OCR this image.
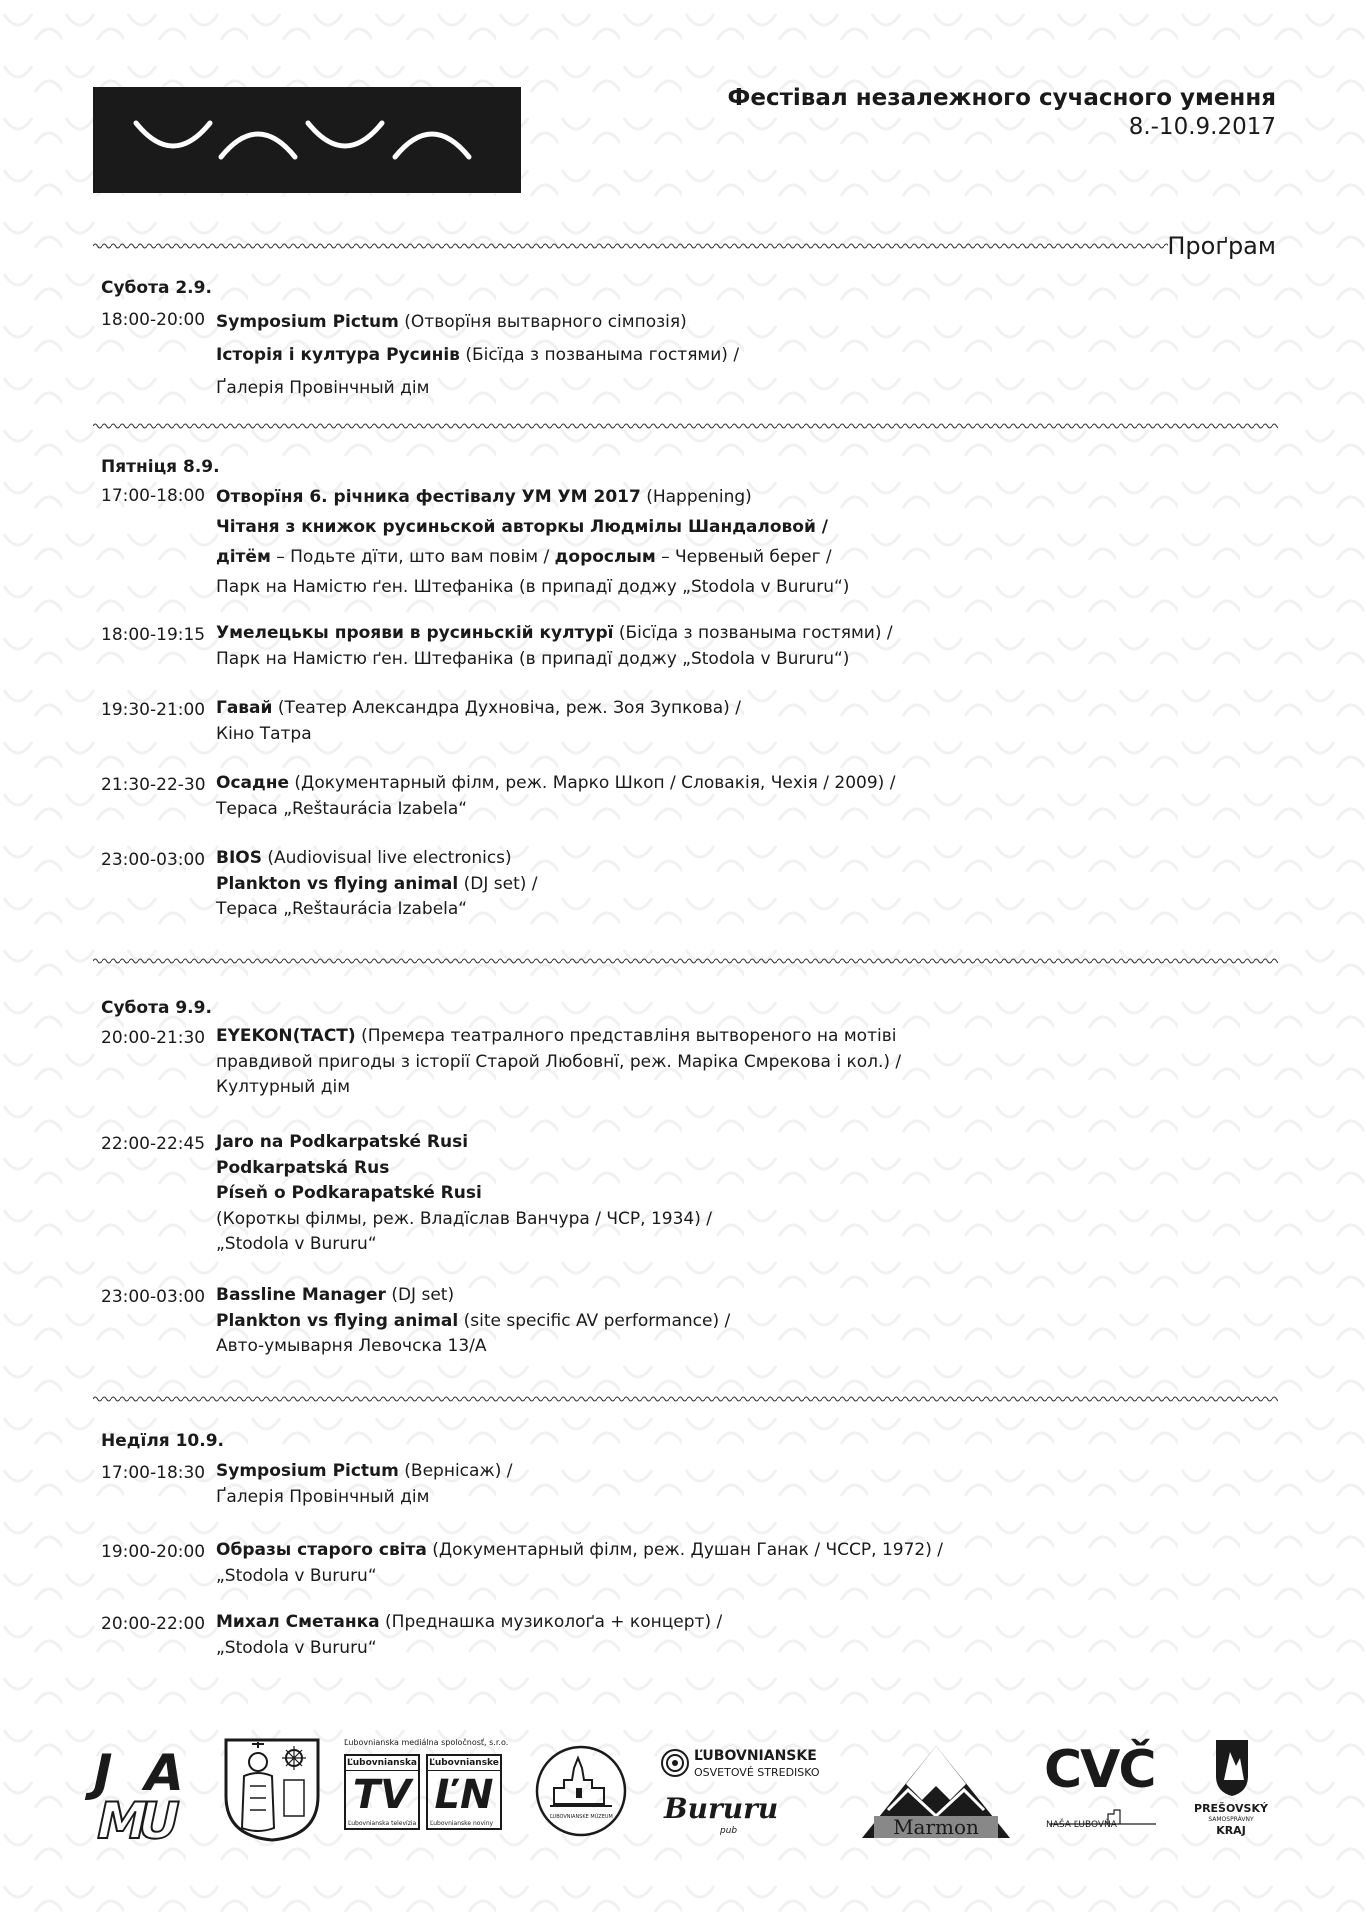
Фестівал незалежного сучасного умення
8.-10.9.2017
Проґрам
Субота 2.9.
Пятніця 8.9.
Субота 9.9.
Недїля 10.9.
18:00-20:00 Symposium Pictum (Отворїня вытварного сімпозія)
Історія і култура Русинів (Бісїда з позваныма гостями) /
Ґалерія Провінчный дім
17:00-18:00 Отворїня 6. річника фестівалу УМ УМ 2017 (Happening)
Чітаня з книжок русиньской авторкы Людмілы Шандаловой /
дітём – Подьте дїти, што вам повім / дорослым – Червеный берег /
Парк на Намістю ґен. Штефаніка (в припадї доджу „Stodola v Bururu“)
18:00-19:15 Умелецькы прояви в русиньскій културї (Бісїда з позваныма гостями) /
Парк на Намістю ґен. Штефаніка (в припадї доджу „Stodola v Bururu“)
19:30-21:00 Гавай (Театер Александра Духновіча, реж. Зоя Зупкова) /
Кіно Татра
21:30-22-30 Осадне (Документарный філм, реж. Марко Шкоп / Словакія, Чехія / 2009) /
Тераса „Reštaurácia Izabela“
23:00-03:00 BIOS (Audiovisual live electronics)
Plankton vs flying animal (DJ set) /
Тераса „Reštaurácia Izabela“
20:00-21:30 EYEKON(TACT) (Премєра театралного представліня вытвореного на мотіві
правдивой пригоды з історії Старой Любовнї, реж. Маріка Смрекова і кол.) /
Културный дім
22:00-22:45 Jaro na Podkarpatské Rusi
Podkarpatská Rus
Píseň o Podkarapatské Rusi
(Короткы філмы, реж. Владїслав Ванчура / ЧСР, 1934) /
„Stodola v Bururu“
23:00-03:00 Bassline Manager (DJ set)
Plankton vs flying animal (site specific AV performance) /
Авто-умыварня Левочска 13/А
17:00-18:30 Symposium Pictum (Вернісаж) /
Ґалерія Провінчный дім
19:00-20:00 Образы старого світа (Документарный філм, реж. Душан Ганак / ЧССР, 1972) /
„Stodola v Bururu“
20:00-22:00 Михал Сметанка (Преднашка музиколоґа + концерт) /
„Stodola v Bururu“
JA
MU
Ľubovnianska mediálna spoločnosť, s.r.o.
Ľubovnianska
TV
Ľubovnianska televízia
Ľubovnianske
ĽN
Ľubovnianske noviny
ĽUBOVNIANSKE MÚZEUM
ĽUBOVNIANSKE
OSVETOVÉ STREDISKO
Bururu
pub	Marmon
CVČ
NAŠA ĽUBOVŇA
PREŠOVSKÝ
SAMOSPRÁVNY
KRAJ
